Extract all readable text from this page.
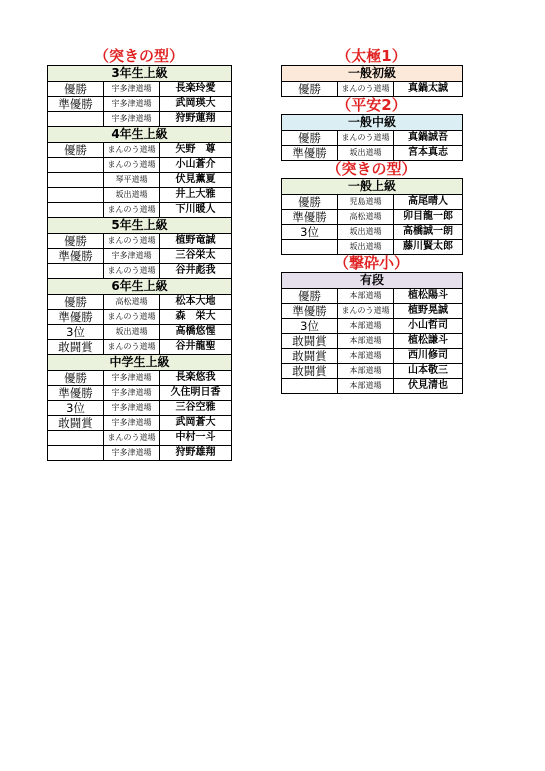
（突きの型）
3年生上級		
優勝	宇多津道場	長楽玲愛
準優勝	宇多津道場	武岡瑛大
	宇多津道場	狩野蓮翔
4年生上級		
優勝	まんのう道場	矢野　尊
	まんのう道場	小山蒼介
	琴平道場	伏見薫夏
	坂出道場	井上大雅
	まんのう道場	下川暖人
5年生上級		
優勝	まんのう道場	植野竜誠
準優勝	宇多津道場	三谷栄太
	まんのう道場	谷井彪我
6年生上級		
優勝	高松道場	松本大地
準優勝	まんのう道場	森　栄大
3位	坂出道場	高橋悠惺
敢闘賞	まんのう道場	谷井龍聖
中学生上級		
優勝	宇多津道場	長楽悠我
準優勝	宇多津道場	久住明日香
3位	宇多津道場	三谷空雅
敢闘賞	宇多津道場	武岡蒼大
	まんのう道場	中村一斗
	宇多津道場	狩野雄翔
（太極1）
一般初級
優勝	まんのう道場	真鍋太誠
（平安2）
一般中級		
優勝	まんのう道場	真鍋誠吾
準優勝	坂出道場	宮本真志
（突きの型）
一般上級		
優勝	児島道場	高尾晴人
準優勝	高松道場	卯目龍一郎
3位	坂出道場	高橋誠一朗
	坂出道場	藤川賢太郎
（撃砕小）
有段		
優勝	本部道場	植松陽斗
準優勝	まんのう道場	植野晃誠
3位	本部道場	小山哲司
敢闘賞	本部道場	植松謙斗
敢闘賞	本部道場	西川修司
敢闘賞	本部道場	山本敬三
	本部道場	伏見清也
